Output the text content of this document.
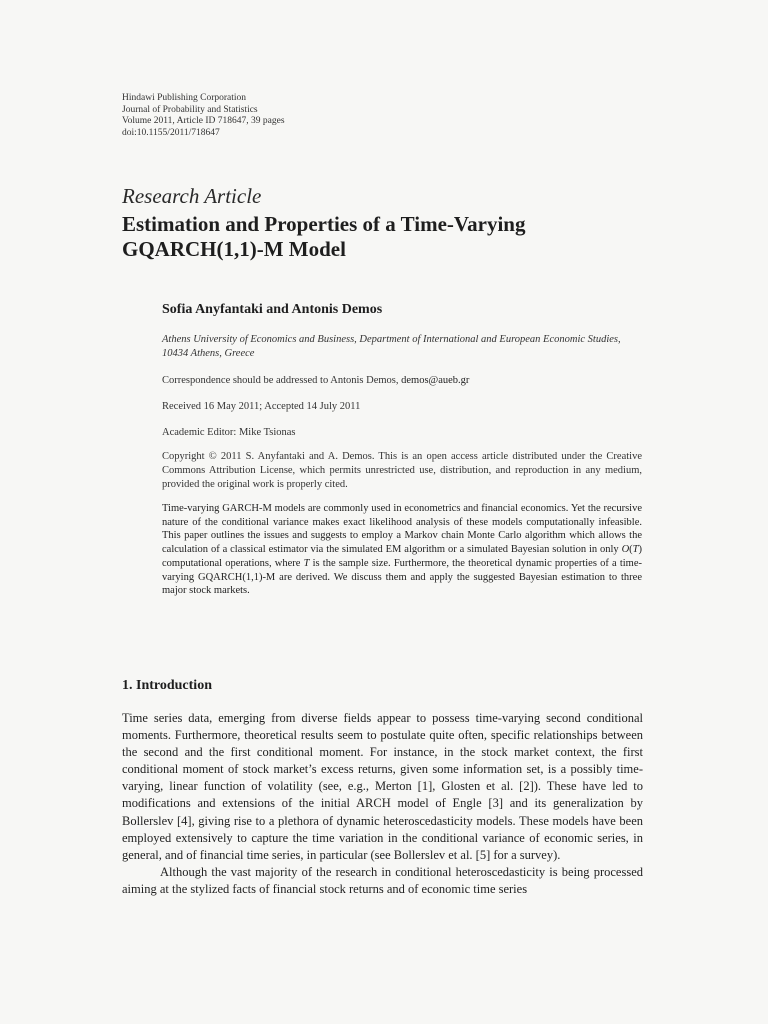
Hindawi Publishing Corporation
Journal of Probability and Statistics
Volume 2011, Article ID 718647, 39 pages
doi:10.1155/2011/718647
Research Article
Estimation and Properties of a Time-Varying GQARCH(1,1)-M Model
Sofia Anyfantaki and Antonis Demos
Athens University of Economics and Business, Department of International and European Economic Studies, 10434 Athens, Greece
Correspondence should be addressed to Antonis Demos, demos@aueb.gr
Received 16 May 2011; Accepted 14 July 2011
Academic Editor: Mike Tsionas
Copyright © 2011 S. Anyfantaki and A. Demos. This is an open access article distributed under the Creative Commons Attribution License, which permits unrestricted use, distribution, and reproduction in any medium, provided the original work is properly cited.
Time-varying GARCH-M models are commonly used in econometrics and financial economics. Yet the recursive nature of the conditional variance makes exact likelihood analysis of these models computationally infeasible. This paper outlines the issues and suggests to employ a Markov chain Monte Carlo algorithm which allows the calculation of a classical estimator via the simulated EM algorithm or a simulated Bayesian solution in only O(T) computational operations, where T is the sample size. Furthermore, the theoretical dynamic properties of a time-varying GQARCH(1,1)-M are derived. We discuss them and apply the suggested Bayesian estimation to three major stock markets.
1. Introduction

Time series data, emerging from diverse fields appear to possess time-varying second conditional moments. Furthermore, theoretical results seem to postulate quite often, specific relationships between the second and the first conditional moment. For instance, in the stock market context, the first conditional moment of stock market’s excess returns, given some information set, is a possibly time-varying, linear function of volatility (see, e.g., Merton [1], Glosten et al. [2]). These have led to modifications and extensions of the initial ARCH model of Engle [3] and its generalization by Bollerslev [4], giving rise to a plethora of dynamic heteroscedasticity models. These models have been employed extensively to capture the time variation in the conditional variance of economic series, in general, and of financial time series, in particular (see Bollerslev et al. [5] for a survey).

Although the vast majority of the research in conditional heteroscedasticity is being processed aiming at the stylized facts of financial stock returns and of economic time series
